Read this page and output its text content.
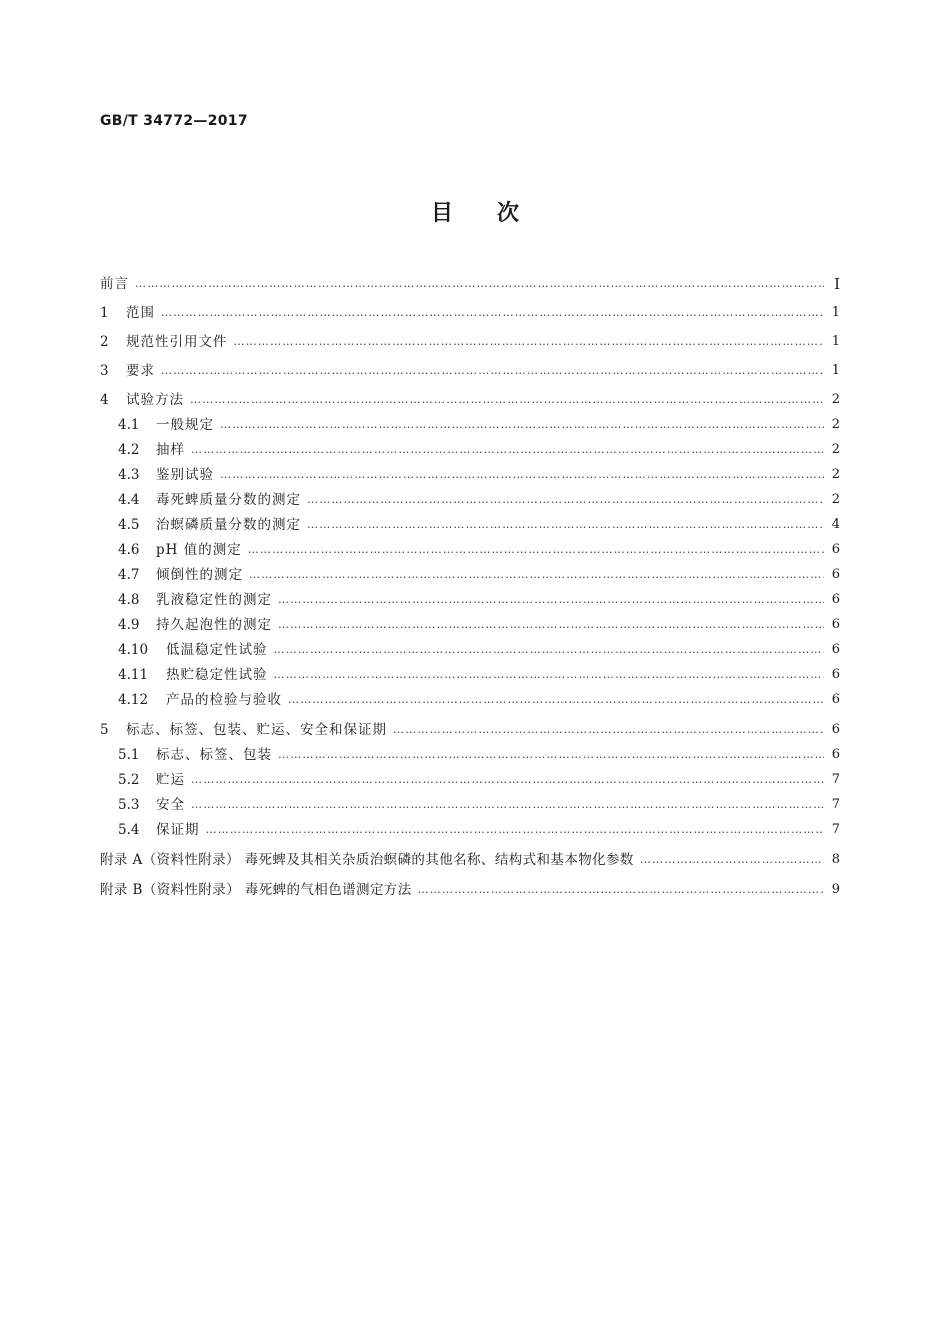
GB/T 34772—2017
目次
前言 …………………………………………………………………………………………………………………………………………………………………………………………………………………………………	I
1	范围 …………………………………………………………………………………………………………………………………………………………………………………………………………………………………	1
2	规范性引用文件 …………………………………………………………………………………………………………………………………………………………………………………………………………………………………	1
3	要求 …………………………………………………………………………………………………………………………………………………………………………………………………………………………………	1
4	试验方法 …………………………………………………………………………………………………………………………………………………………………………………………………………………………………	2
4.1	一般规定 …………………………………………………………………………………………………………………………………………………………………………………………………………………………………	2
4.2	抽样 …………………………………………………………………………………………………………………………………………………………………………………………………………………………………	2
4.3	鉴别试验 …………………………………………………………………………………………………………………………………………………………………………………………………………………………………	2
4.4	毒死蜱质量分数的测定 …………………………………………………………………………………………………………………………………………………………………………………………………………………………………	2
4.5	治螟磷质量分数的测定 …………………………………………………………………………………………………………………………………………………………………………………………………………………………………	4
4.6	pH 值的测定 …………………………………………………………………………………………………………………………………………………………………………………………………………………………………	6
4.7	倾倒性的测定 …………………………………………………………………………………………………………………………………………………………………………………………………………………………………	6
4.8	乳液稳定性的测定 …………………………………………………………………………………………………………………………………………………………………………………………………………………………………	6
4.9	持久起泡性的测定 …………………………………………………………………………………………………………………………………………………………………………………………………………………………………	6
4.10	低温稳定性试验 …………………………………………………………………………………………………………………………………………………………………………………………………………………………………	6
4.11	热贮稳定性试验 …………………………………………………………………………………………………………………………………………………………………………………………………………………………………	6
4.12	产品的检验与验收 …………………………………………………………………………………………………………………………………………………………………………………………………………………………………	6
5	标志、标签、包装、贮运、安全和保证期 …………………………………………………………………………………………………………………………………………………………………………………………………………………………………	6
5.1	标志、标签、包装 …………………………………………………………………………………………………………………………………………………………………………………………………………………………………	6
5.2	贮运 …………………………………………………………………………………………………………………………………………………………………………………………………………………………………	7
5.3	安全 …………………………………………………………………………………………………………………………………………………………………………………………………………………………………	7
5.4	保证期 …………………………………………………………………………………………………………………………………………………………………………………………………………………………………	7
附录 A（资料性附录） 毒死蜱及其相关杂质治螟磷的其他名称、结构式和基本物化参数 …………………………………………………………………………………………………………………………………………………………………………………………………………………………………	8
附录 B（资料性附录） 毒死蜱的气相色谱测定方法 …………………………………………………………………………………………………………………………………………………………………………………………………………………………………	9
